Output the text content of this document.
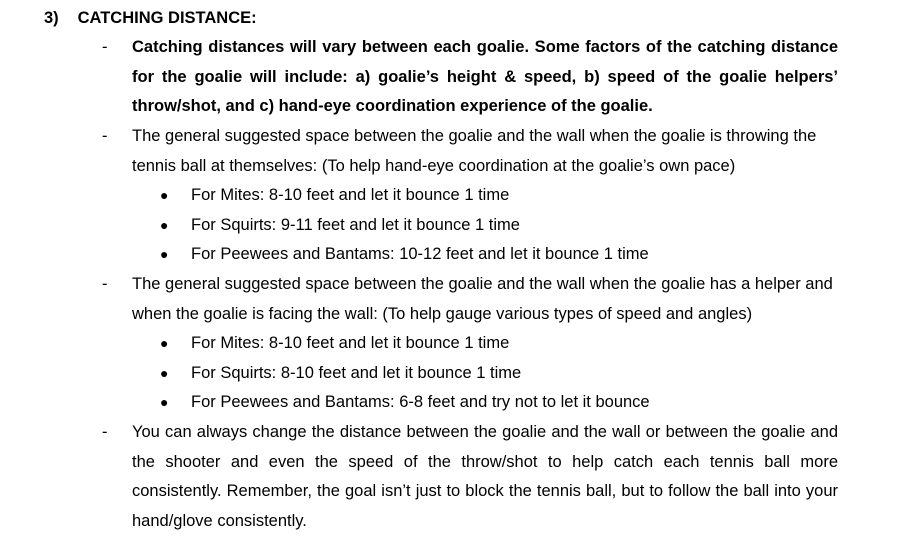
3) CATCHING DISTANCE:
- Catching distances will vary between each goalie. Some factors of the catching distance for the goalie will include: a) goalie’s height & speed, b) speed of the goalie helpers’ throw/shot, and c) hand-eye coordination experience of the goalie.
- The general suggested space between the goalie and the wall when the goalie is throwing the tennis ball at themselves: (To help hand-eye coordination at the goalie’s own pace)
●	For Mites: 8-10 feet and let it bounce 1 time
●	For Squirts: 9-11 feet and let it bounce 1 time
●	For Peewees and Bantams: 10-12 feet and let it bounce 1 time
- The general suggested space between the goalie and the wall when the goalie has a helper and when the goalie is facing the wall: (To help gauge various types of speed and angles)
●	For Mites: 8-10 feet and let it bounce 1 time
●	For Squirts: 8-10 feet and let it bounce 1 time
●	For Peewees and Bantams: 6-8 feet and try not to let it bounce
- You can always change the distance between the goalie and the wall or between the goalie and the shooter and even the speed of the throw/shot to help catch each tennis ball more consistently. Remember, the goal isn’t just to block the tennis ball, but to follow the ball into your hand/glove consistently.
